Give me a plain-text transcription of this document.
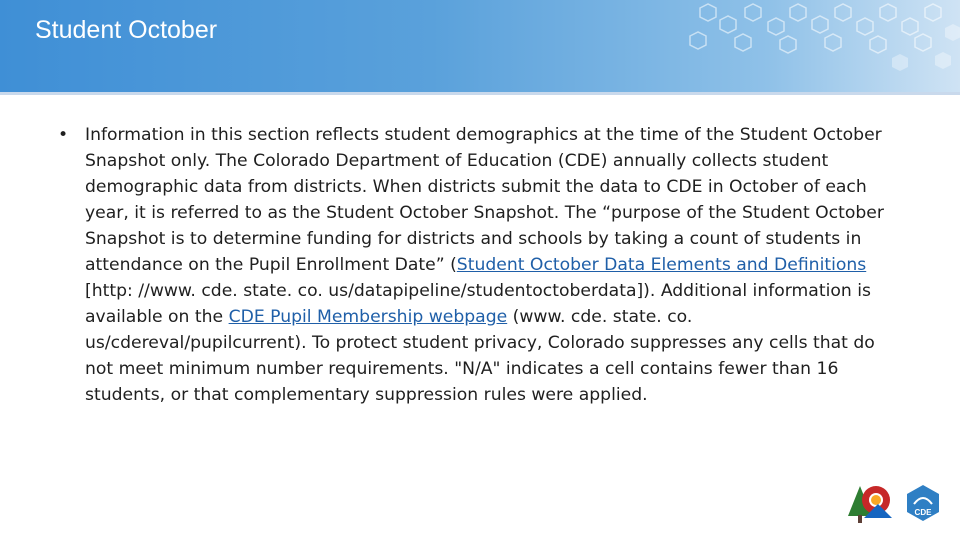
Student October
• Information in this section reflects student demographics at the time of the Student October Snapshot only. The Colorado Department of Education (CDE) annually collects student demographic data from districts. When districts submit the data to CDE in October of each year, it is referred to as the Student October Snapshot. The “purpose of the Student October Snapshot is to determine funding for districts and schools by taking a count of students in attendance on the Pupil Enrollment Date” (Student October Data Elements and Definitions [http: //www. cde. state. co. us/datapipeline/studentoctoberdata]). Additional information is available on the CDE Pupil Membership webpage (www. cde. state. co. us/cdereval/pupilcurrent). To protect student privacy, Colorado suppresses any cells that do not meet minimum number requirements. "N/A" indicates a cell contains fewer than 16 students, or that complementary suppression rules were applied.
CDE
